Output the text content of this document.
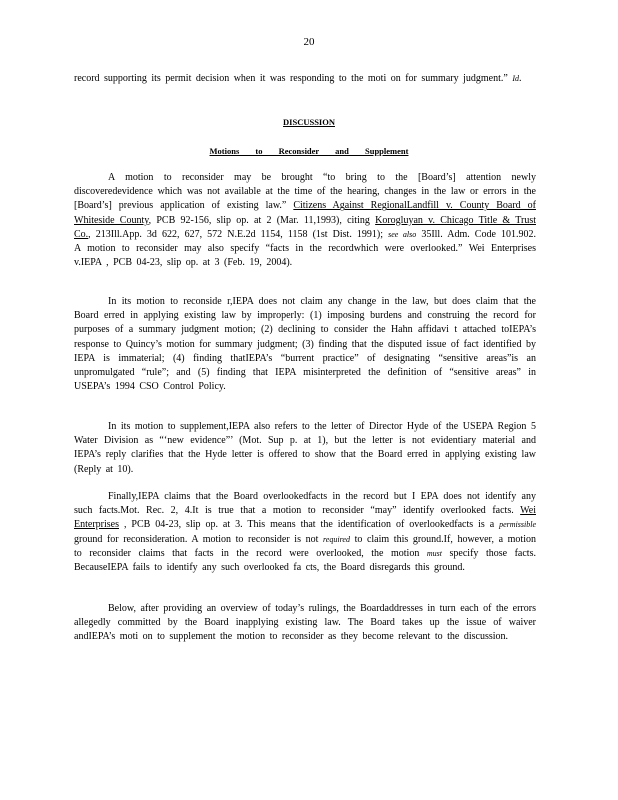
20

record supporting its permit decision when it was responding to the moti on for summary judgment.” Id.

DISCUSSION
Motions to Reconsider and Supplement

A motion to reconsider may be brought “to bring to the [Board’s] attention newly discoveredevidence which was not available at the time of the hearing, changes in the law or errors in the [Board’s] previous application of existing law.” Citizens Against RegionalLandfill v. County Board of Whiteside County, PCB 92-156, slip op. at 2 (Mar. 11,1993), citing Korogluyan v. Chicago Title & Trust Co., 213Ill.App. 3d 622, 627, 572 N.E.2d 1154, 1158 (1st Dist. 1991); see also 35Ill. Adm. Code 101.902. A motion to reconsider may also specify “facts in the recordwhich were overlooked.” Wei Enterprises v.IEPA , PCB 04-23, slip op. at 3 (Feb. 19, 2004).

In its motion to reconside r,IEPA does not claim any change in the law, but does claim that the Board erred in applying existing law by improperly: (1) imposing burdens and construing the record for purposes of a summary judgment motion; (2) declining to consider the Hahn affidavi t attached toIEPA’s response to Quincy’s motion for summary judgment; (3) finding that the disputed issue of fact identified by IEPA is immaterial; (4) finding thatIEPA’s “burrent practice” of designating “sensitive areas”is an unpromulgated “rule”; and (5) finding that IEPA misinterpreted the definition of “sensitive areas” in USEPA’s 1994 CSO Control Policy.

In its motion to supplement,IEPA also refers to the letter of Director Hyde of the USEPA Region 5 Water Division as “‘new evidence”’ (Mot. Sup p. at 1), but the letter is not evidentiary material and IEPA’s reply clarifies that the Hyde letter is offered to show that the Board erred in applying existing law (Reply at 10).

Finally,IEPA claims that the Board overlookedfacts in the record but I EPA does not identify any such facts.Mot. Rec. 2, 4.It is true that a motion to reconsider “may” identify overlooked facts. Wei Enterprises , PCB 04-23, slip op. at 3. This means that the identification of overlookedfacts is a permissible ground for reconsideration. A motion to reconsider is not required to claim this ground.If, however, a motion to reconsider claims that facts in the record were overlooked, the motion must specify those facts. BecauseIEPA fails to identify any such overlooked fa cts, the Board disregards this ground.

Below, after providing an overview of today’s rulings, the Boardaddresses in turn each of the errors allegedly committed by the Board inapplying existing law. The Board takes up the issue of waiver andIEPA’s moti on to supplement the motion to reconsider as they become relevant to the discussion.
